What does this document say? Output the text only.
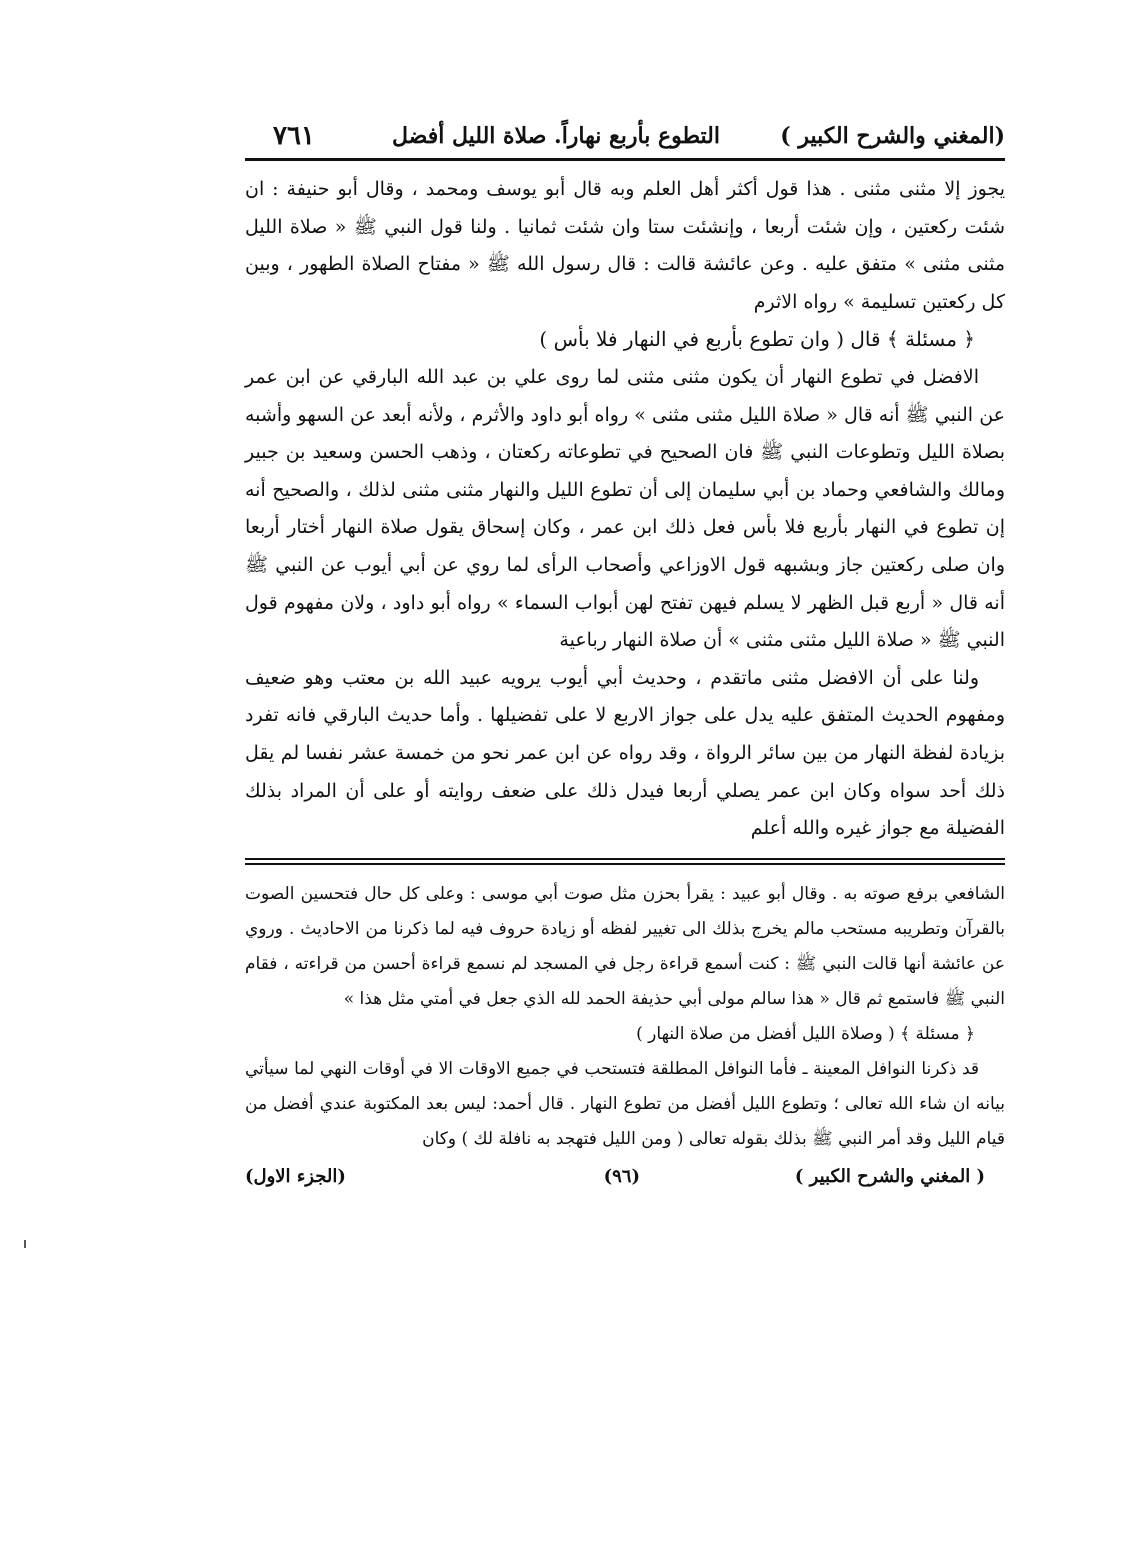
(المغني والشرح الكبير )
التطوع بأربع نهاراً. صلاة الليل أفضل
٧٦١

يجوز إلا مثنى مثنى . هذا قول أكثر أهل العلم وبه قال أبو يوسف ومحمد ، وقال أبو حنيفة : ان شئت ركعتين ، وإن شئت أربعا ، وإنشئت ستا وان شئت ثمانيا . ولنا قول النبي ﷺ « صلاة الليل مثنى مثنى » متفق عليه . وعن عائشة قالت : قال رسول الله ﷺ « مفتاح الصلاة الطهور ، وبين كل ركعتين تسليمة » رواه الاثرم

﴿ مسئلة ﴾ قال ( وان تطوع بأربع في النهار فلا بأس )

الافضل في تطوع النهار أن يكون مثنى مثنى لما روى علي بن عبد الله البارقي عن ابن عمر عن النبي ﷺ أنه قال « صلاة الليل مثنى مثنى » رواه أبو داود والأثرم ، ولأنه أبعد عن السهو وأشبه بصلاة الليل وتطوعات النبي ﷺ فان الصحيح في تطوعاته ركعتان ، وذهب الحسن وسعيد بن جبير ومالك والشافعي وحماد بن أبي سليمان إلى أن تطوع الليل والنهار مثنى مثنى لذلك ، والصحيح أنه إن تطوع في النهار بأربع فلا بأس فعل ذلك ابن عمر ، وكان إسحاق يقول صلاة النهار أختار أربعا وان صلى ركعتين جاز وبشبهه قول الاوزاعي وأصحاب الرأى لما روي عن أبي أيوب عن النبي ﷺ أنه قال « أربع قبل الظهر لا يسلم فيهن تفتح لهن أبواب السماء » رواه أبو داود ، ولان مفهوم قول النبي ﷺ « صلاة الليل مثنى مثنى » أن صلاة النهار رباعية

ولنا على أن الافضل مثنى ماتقدم ، وحديث أبي أيوب يرويه عبيد الله بن معتب وهو ضعيف ومفهوم الحديث المتفق عليه يدل على جواز الاربع لا على تفضيلها . وأما حديث البارقي فانه تفرد بزيادة لفظة النهار من بين سائر الرواة ، وقد رواه عن ابن عمر نحو من خمسة عشر نفسا لم يقل ذلك أحد سواه وكان ابن عمر يصلي أربعا فيدل ذلك على ضعف روايته أو على أن المراد بذلك الفضيلة مع جواز غيره والله أعلم

الشافعي برفع صوته به . وقال أبو عبيد : يقرأ بحزن مثل صوت أبي موسى : وعلى كل حال فتحسين الصوت بالقرآن وتطريبه مستحب مالم يخرج بذلك الى تغيير لفظه أو زيادة حروف فيه لما ذكرنا من الاحاديث . وروي عن عائشة أنها قالت النبي ﷺ : كنت أسمع قراءة رجل في المسجد لم نسمع قراءة أحسن من قراءته ، فقام النبي ﷺ فاستمع ثم قال « هذا سالم مولى أبي حذيفة الحمد لله الذي جعل في أمتي مثل هذا »

﴿ مسئلة ﴾ ( وصلاة الليل أفضل من صلاة النهار )

قد ذكرنا النوافل المعينة ـ فأما النوافل المطلقة فتستحب في جميع الاوقات الا في أوقات النهي لما سيأتي بيانه ان شاء الله تعالى ؛ وتطوع الليل أفضل من تطوع النهار . قال أحمد: ليس بعد المكتوبة عندي أفضل من قيام الليل وقد أمر النبي ﷺ بذلك بقوله تعالى ( ومن الليل فتهجد به نافلة لك ) وكان

( المغني والشرح الكبير )
(٩٦)
(الجزء الاول)
